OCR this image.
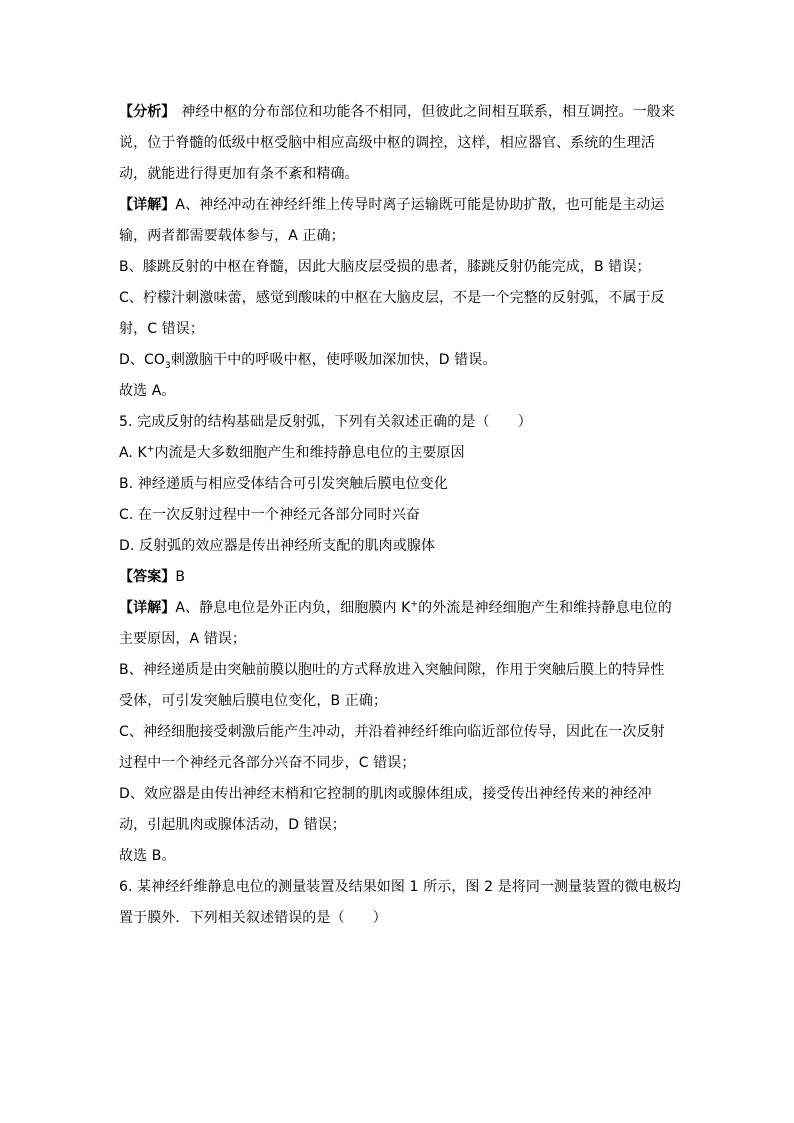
【分析】 神经中枢的分布部位和功能各不相同，但彼此之间相互联系，相互调控。一般来
说，位于脊髓的低级中枢受脑中相应高级中枢的调控，这样，相应器官、系统的生理活
动，就能进行得更加有条不紊和精确。
【详解】A、神经冲动在神经纤维上传导时离子运输既可能是协助扩散，也可能是主动运
输，两者都需要载体参与，A 正确；
B、膝跳反射的中枢在脊髓，因此大脑皮层受损的患者，膝跳反射仍能完成，B 错误；
C、柠檬汁刺激味蕾，感觉到酸味的中枢在大脑皮层，不是一个完整的反射弧，不属于反
射，C 错误；
D、$CO_3$刺激脑干中的呼吸中枢，使呼吸加深加快，D 错误。
故选 A。
5. 完成反射的结构基础是反射弧，下列有关叙述正确的是（　　）
A. K+内流是大多数细胞产生和维持静息电位的主要原因
B. 神经递质与相应受体结合可引发突触后膜电位变化
C. 在一次反射过程中一个神经元各部分同时兴奋
D. 反射弧的效应器是传出神经所支配的肌肉或腺体
【答案】B
【详解】A、静息电位是外正内负，细胞膜内 K+的外流是神经细胞产生和维持静息电位的
主要原因，A 错误；
B、神经递质是由突触前膜以胞吐的方式释放进入突触间隙，作用于突触后膜上的特异性
受体，可引发突触后膜电位变化，B 正确；
C、神经细胞接受刺激后能产生冲动，并沿着神经纤维向临近部位传导，因此在一次反射
过程中一个神经元各部分兴奋不同步，C 错误；
D、效应器是由传出神经末梢和它控制的肌肉或腺体组成，接受传出神经传来的神经冲
动，引起肌肉或腺体活动，D 错误；
故选 B。
6. 某神经纤维静息电位的测量装置及结果如图 1 所示，图 2 是将同一测量装置的微电极均
置于膜外．下列相关叙述错误的是（　　）
